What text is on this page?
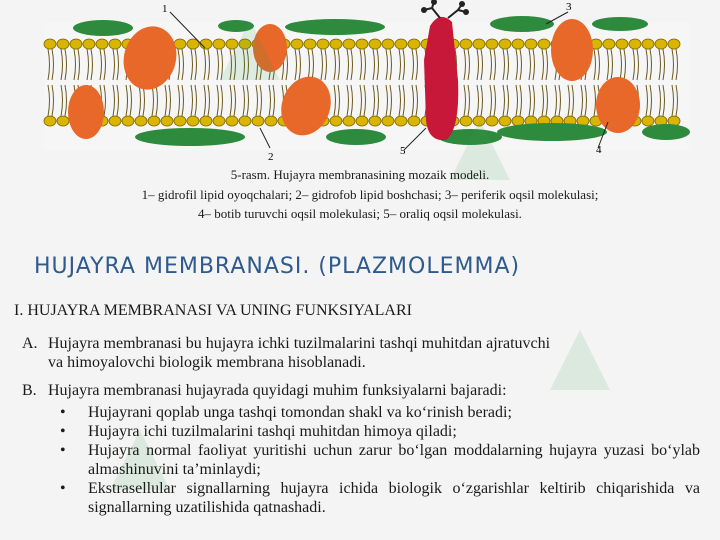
1
2
3
4
5
5-rasm. Hujayra membranasining mozaik modeli.
1– gidrofil lipid oyoqchalari; 2– gidrofob lipid boshchasi; 3– periferik oqsil molekulasi;
4– botib turuvchi oqsil molekulasi; 5– oraliq oqsil molekulasi.
HUJAYRA MEMBRANASI. (PLAZMOLEMMA)
I. HUJAYRA MEMBRANASI VA UNING FUNKSIYALARI
A. Hujayra membranasi bu hujayra ichki tuzilmalarini tashqi muhitdan ajratuvchi
va himoyalovchi biologik membrana hisoblanadi.
B. Hujayra membranasi hujayrada quyidagi muhim funksiyalarni bajaradi:
• Hujayrani qoplab unga tashqi tomondan shakl va ko‘rinish beradi;
• Hujayra ichi tuzilmalarini tashqi muhitdan himoya qiladi;
• Hujayra normal faoliyat yuritishi uchun zarur bo‘lgan moddalarning hujayra yuzasi bo‘ylab almashinuvini ta’minlaydi;
• Ekstrasellular signallarning hujayra ichida biologik o‘zgarishlar keltirib chiqarishida va signallarning uzatilishida qatnashadi.
